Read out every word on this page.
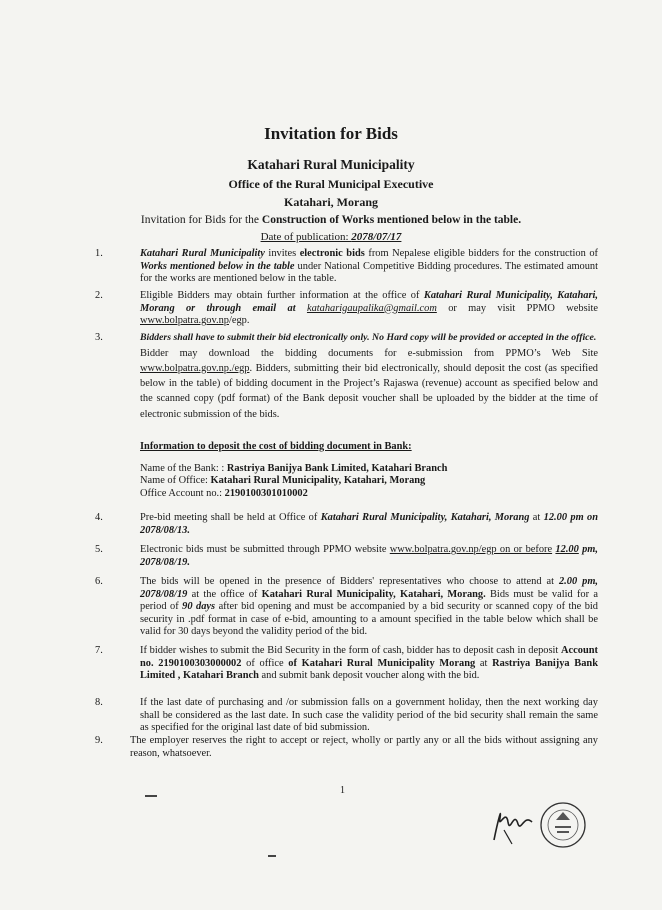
Invitation for Bids
Katahari Rural Municipality
Office of the Rural Municipal Executive
Katahari, Morang
Invitation for Bids for the Construction of Works mentioned below in the table.
Date of publication: 2078/07/17
1.	Katahari Rural Municipality invites electronic bids from Nepalese eligible bidders for the construction of Works mentioned below in the table under National Competitive Bidding procedures. The estimated amount for the works are mentioned below in the table.
2.	Eligible Bidders may obtain further information at the office of Katahari Rural Municipality, Katahari, Morang or through email at kataharigaupalika@gmail.com or may visit PPMO website www.bolpatra.gov.np/egp.
3.	Bidders shall have to submit their bid electronically only. No Hard copy will be provided or accepted in the office.
Bidder may download the bidding documents for e-submission from PPMO’s Web Site www.bolpatra.gov.np./egp. Bidders, submitting their bid electronically, should deposit the cost (as specified below in the table) of bidding document in the Project’s Rajaswa (revenue) account as specified below and the scanned copy (pdf format) of the Bank deposit voucher shall be uploaded by the bidder at the time of electronic submission of the bids.
Information to deposit the cost of bidding document in Bank:
Name of the Bank: : Rastriya Banijya Bank Limited, Katahari Branch
Name of Office: Katahari Rural Municipality, Katahari, Morang
Office Account no.: 2190100301010002
4.	Pre-bid meeting shall be held at Office of Katahari Rural Municipality, Katahari, Morang at 12.00 pm on 2078/08/13.
5.	Electronic bids must be submitted through PPMO website www.bolpatra.gov.np/egp on or before 12.00 pm, 2078/08/19.
6.	The bids will be opened in the presence of Bidders' representatives who choose to attend at 2.00 pm, 2078/08/19 at the office of Katahari Rural Municipality, Katahari, Morang. Bids must be valid for a period of 90 days after bid opening and must be accompanied by a bid security or scanned copy of the bid security in .pdf format in case of e-bid, amounting to a amount specified in the table below which shall be valid for 30 days beyond the validity period of the bid.
7.	If bidder wishes to submit the Bid Security in the form of cash, bidder has to deposit cash in deposit Account no. 2190100303000002 of office of Katahari Rural Municipality Morang at Rastriya Banijya Bank Limited , Katahari Branch and submit bank deposit voucher along with the bid.
8.	If the last date of purchasing and /or submission falls on a government holiday, then the next working day shall be considered as the last date. In such case the validity period of the bid security shall remain the same as specified for the original last date of bid submission.
9.	The employer reserves the right to accept or reject, wholly or partly any or all the bids without assigning any reason, whatsoever.
1
